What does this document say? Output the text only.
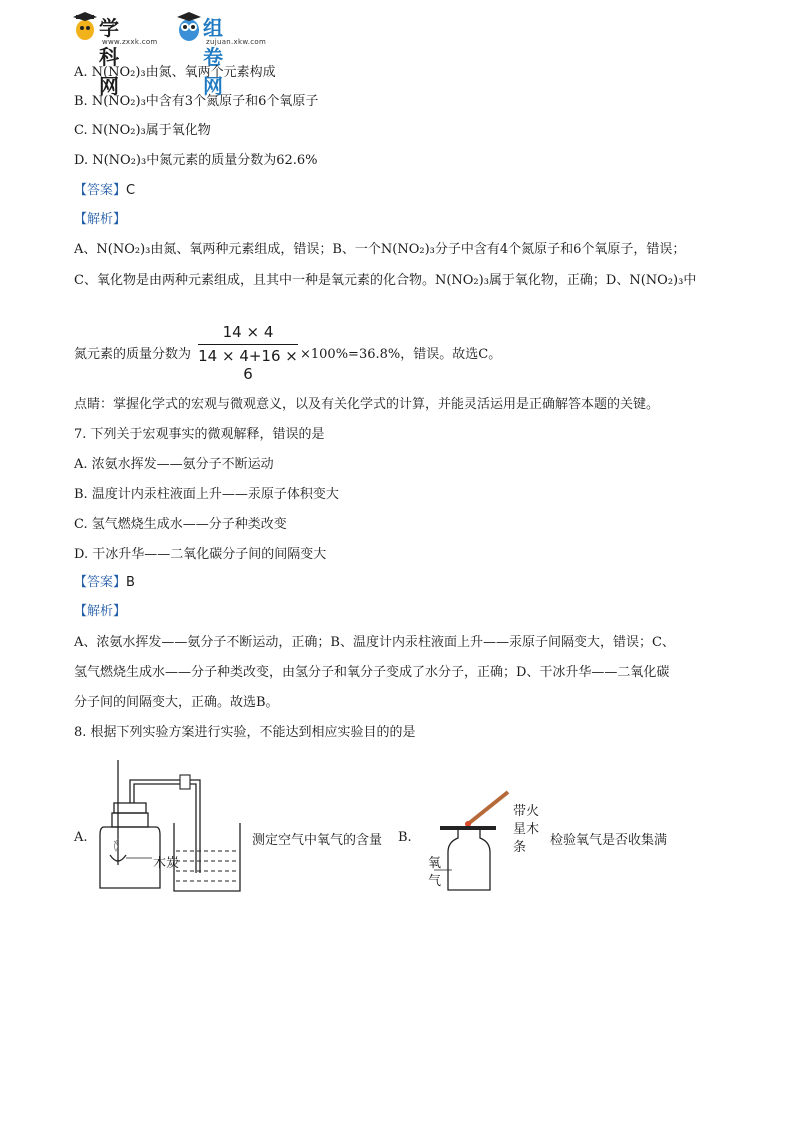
学科网
www.zxxk.com
组卷网
zujuan.xkw.com
A. N(NO₂)₃由氮、氧两个元素构成
B. N(NO₂)₃中含有3个氮原子和6个氧原子
C. N(NO₂)₃属于氧化物
D. N(NO₂)₃中氮元素的质量分数为62.6%
【答案】C
【解析】
A、N(NO₂)₃由氮、氧两种元素组成，错误；B、一个N(NO₂)₃分子中含有4个氮原子和6个氧原子，错误；
C、氧化物是由两种元素组成，且其中一种是氧元素的化合物。N(NO₂)₃属于氧化物，正确；D、N(NO₂)₃中
氮元素的质量分数为
14 × 4
14 × 4+16 × 6
×100%=36.8%，错误。故选C。
点睛：掌握化学式的宏观与微观意义，以及有关化学式的计算，并能灵活运用是正确解答本题的关键。
7. 下列关于宏观事实的微观解释，错误的是
A. 浓氨水挥发——氨分子不断运动
B. 温度计内汞柱液面上升——汞原子体积变大
C. 氢气燃烧生成水——分子种类改变
D. 干冰升华——二氧化碳分子间的间隔变大
【答案】B
【解析】
A、浓氨水挥发——氨分子不断运动，正确；B、温度计内汞柱液面上升——汞原子间隔变大，错误；C、
氢气燃烧生成水——分子种类改变，由氢分子和氧分子变成了水分子，正确；D、干冰升华——二氧化碳
分子间的间隔变大，正确。故选B。
8. 根据下列实验方案进行实验，不能达到相应实验目的的是
A.
木炭
测定空气中氧气的含量 B.
带火
星木
条
氧
气
检验氧气是否收集满
